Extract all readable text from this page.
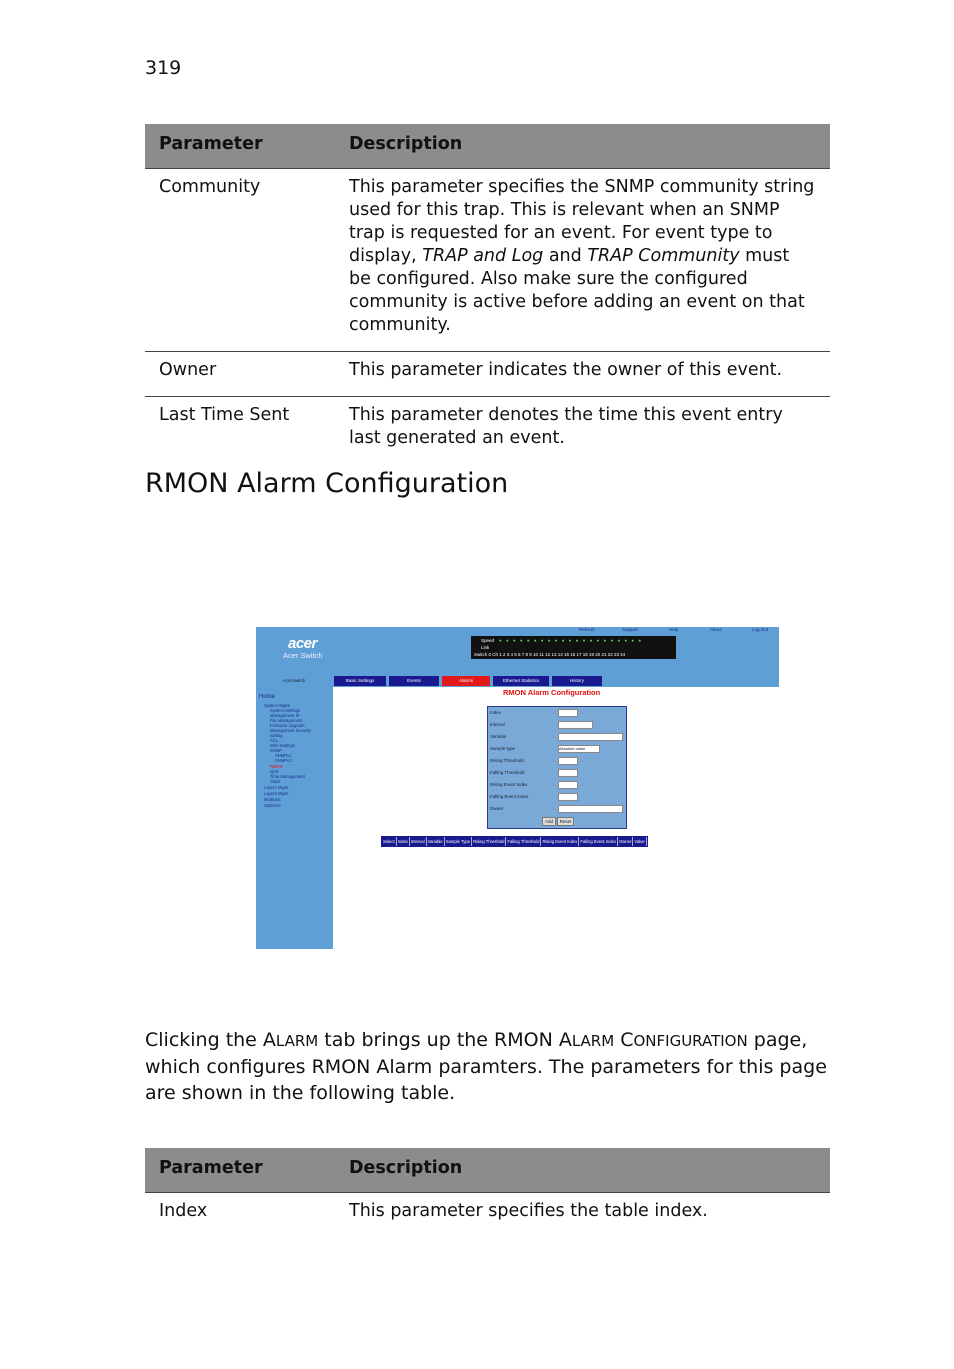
319
Parameter	Description
Community	This parameter specifies the SNMP community string used for this trap. This is relevant when an SNMP trap is requested for an event. For event type to display, TRAP and Log and TRAP Community must be configured. Also make sure the configured community is active before adding an event on that community.
Owner	This parameter indicates the owner of this event.
Last Time Sent	This parameter denotes the time this event entry last generated an event.
RMON Alarm Configuration
acer
Acer Switch
Speed
Link
Switch 0 Ch 1 2 3 4 5 6 7 8 9 10 11 12 13 14 15 16 17 18 19 20 21 22 23 24
● ● ● ● ● ● ● ● ● ● ● ● ● ● ● ● ● ● ● ● ●
Refresh	Support	Help	About	Log Out
AcerSwitch	Basic Settings	Events	Alarms	Ethernet Statistics	History
Home
System Mgmt
System Settings
Management IP
File Management
Firmware Upgrade
Management Security
Syslog
ACL
Web Settings
SNMP
SNMPv1
SNMPv3
RMON
QoS
Time Management
Stack
Layer2 Mgmt
Layer3 Mgmt
Multicast
Statistics
RMON Alarm Configuration
Index
Interval
Variable
Sample type	Absolute value
Rising Threshold
Falling Threshold
Rising Event Index
Falling Event Index
Owner
Add	Reset
Select Index Interval Variable Sample Type Rising Threshold Falling Threshold Rising Event Index Falling Event Index Owner Value
Clicking the ALARM tab brings up the RMON ALARM CONFIGURATION page, which configures RMON Alarm paramters. The parameters for this page are shown in the following table.
Parameter	Description
Index	This parameter specifies the table index.
